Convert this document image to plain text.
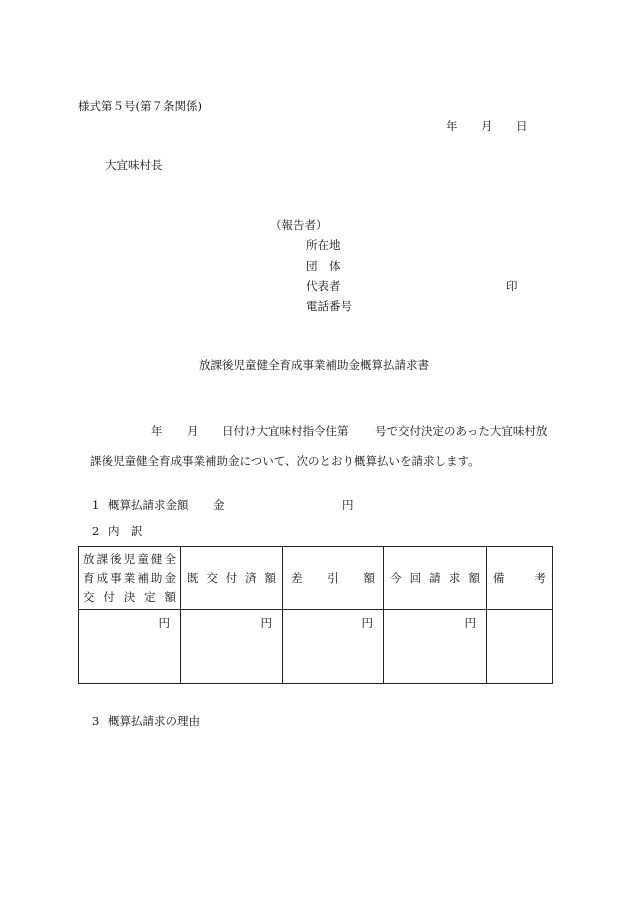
様式第５号(第７条関係)
年 月 日
大宜味村長
（報告者）
所在地
団　体
代表者	印
電話番号
放課後児童健全育成事業補助金概算払請求書
年 月 日付け大宜味村指令住第 号で交付決定のあった大宜味村放
課後児童健全育成事業補助金について、次のとおり概算払いを請求します。
1 概算払請求金額 金	円
2 内　訳
放課後児童健全
育成事業補助金
交付決定額	既交付済額	差引額	今回請求額	備考
円	円	円	円	
3 概算払請求の理由
